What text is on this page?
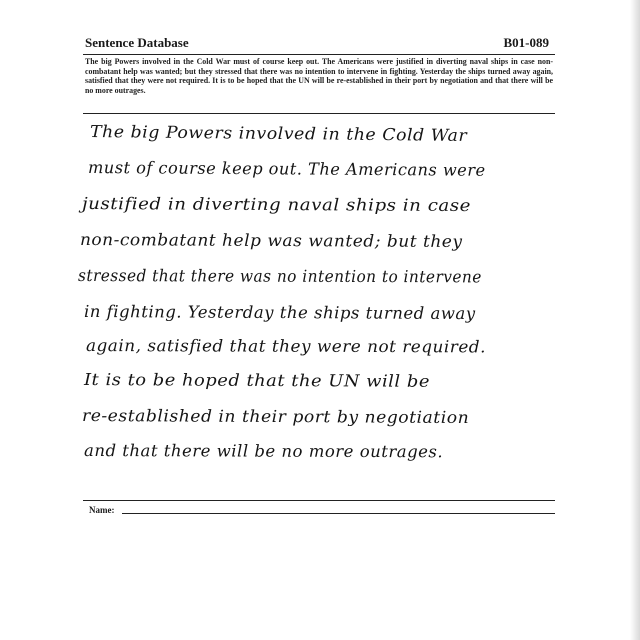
Sentence Database	B01-089
The big Powers involved in the Cold War must of course keep out. The Americans were justified in diverting naval ships in case non-combatant help was wanted; but they stressed that there was no intention to intervene in fighting. Yesterday the ships turned away again, satisfied that they were not required. It is to be hoped that the UN will be re-established in their port by negotiation and that there will be no more outrages.
The big Powers involved in the Cold War
must of course keep out. The Americans were
justified in diverting naval ships in case
non-combatant help was wanted; but they
stressed that there was no intention to intervene
in fighting. Yesterday the ships turned away
again, satisfied that they were not required.
It is to be hoped that the UN will be
re-established in their port by negotiation
and that there will be no more outrages.
Name:
